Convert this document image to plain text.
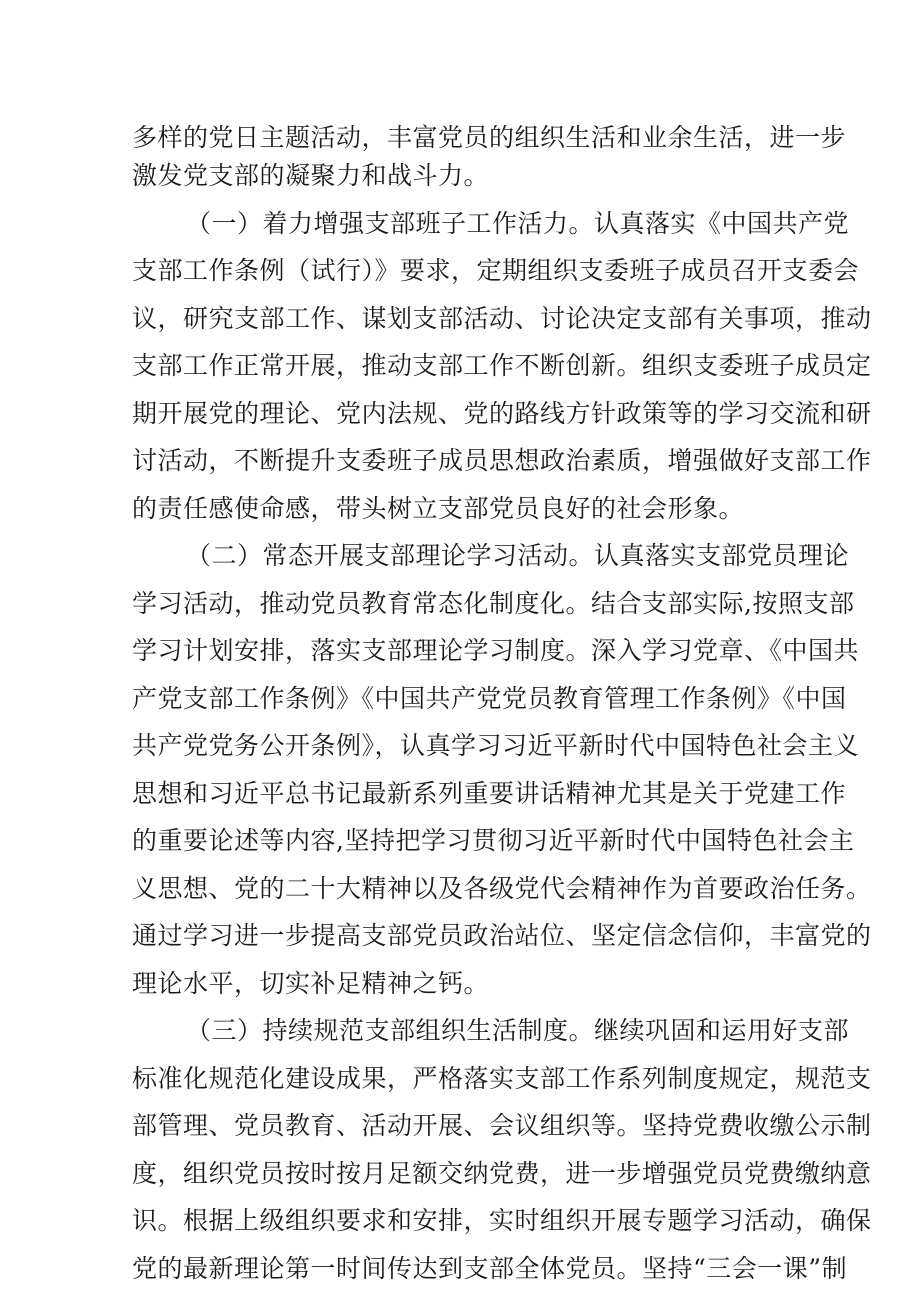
多样的党日主题活动，丰富党员的组织生活和业余生活，进一步
激发党支部的凝聚力和战斗力。
（一）着力增强支部班子工作活力。认真落实《中国共产党
支部工作条例（试行）》要求，定期组织支委班子成员召开支委会
议，研究支部工作、谋划支部活动、讨论决定支部有关事项，推动
支部工作正常开展，推动支部工作不断创新。组织支委班子成员定
期开展党的理论、党内法规、党的路线方针政策等的学习交流和研
讨活动，不断提升支委班子成员思想政治素质，增强做好支部工作
的责任感使命感，带头树立支部党员良好的社会形象。
（二）常态开展支部理论学习活动。认真落实支部党员理论
学习活动，推动党员教育常态化制度化。结合支部实际,按照支部
学习计划安排，落实支部理论学习制度。深入学习党章、《中国共
产党支部工作条例》《中国共产党党员教育管理工作条例》《中国
共产党党务公开条例》，认真学习习近平新时代中国特色社会主义
思想和习近平总书记最新系列重要讲话精神尤其是关于党建工作
的重要论述等内容,坚持把学习贯彻习近平新时代中国特色社会主
义思想、党的二十大精神以及各级党代会精神作为首要政治任务。
通过学习进一步提高支部党员政治站位、坚定信念信仰，丰富党的
理论水平，切实补足精神之钙。
（三）持续规范支部组织生活制度。继续巩固和运用好支部
标准化规范化建设成果，严格落实支部工作系列制度规定，规范支
部管理、党员教育、活动开展、会议组织等。坚持党费收缴公示制
度，组织党员按时按月足额交纳党费，进一步增强党员党费缴纳意
识。根据上级组织要求和安排，实时组织开展专题学习活动，确保
党的最新理论第一时间传达到支部全体党员。坚持“三会一课”制
